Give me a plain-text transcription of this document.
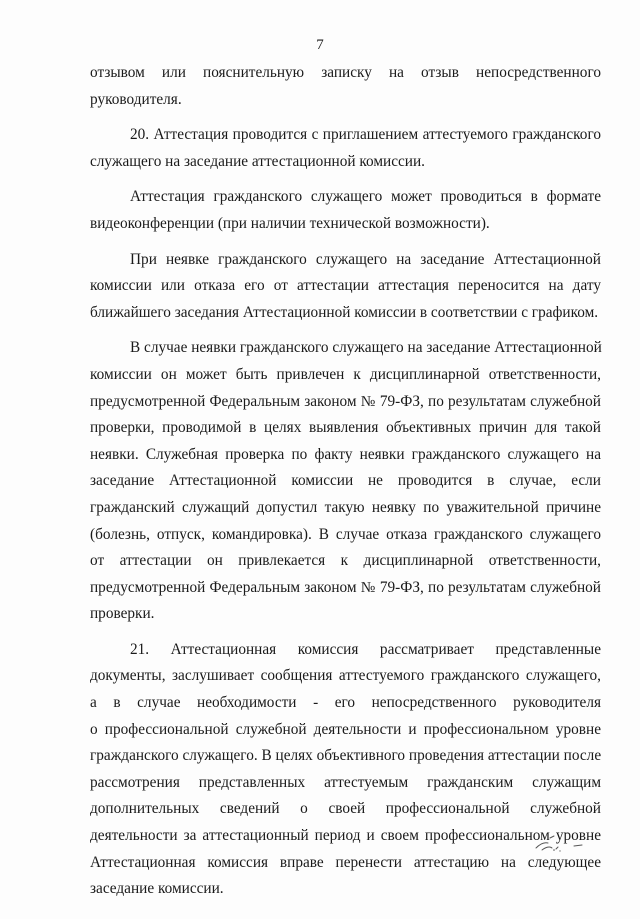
7

отзывом или пояснительную записку на отзыв непосредственного
руководителя.

20. Аттестация проводится с приглашением аттестуемого гражданского
служащего на заседание аттестационной комиссии.

Аттестация гражданского служащего может проводиться в формате
видеоконференции (при наличии технической возможности).

При неявке гражданского служащего на заседание Аттестационной
комиссии или отказа его от аттестации аттестация переносится на дату
ближайшего заседания Аттестационной комиссии в соответствии с графиком.

В случае неявки гражданского служащего на заседание Аттестационной
комиссии он может быть привлечен к дисциплинарной ответственности,
предусмотренной Федеральным законом № 79-ФЗ, по результатам служебной
проверки, проводимой в целях выявления объективных причин для такой
неявки. Служебная проверка по факту неявки гражданского служащего на
заседание Аттестационной комиссии не проводится в случае, если
гражданский служащий допустил такую неявку по уважительной причине
(болезнь, отпуск, командировка). В случае отказа гражданского служащего
от аттестации он привлекается к дисциплинарной ответственности,
предусмотренной Федеральным законом № 79-ФЗ, по результатам служебной
проверки.

21. Аттестационная комиссия рассматривает представленные
документы, заслушивает сообщения аттестуемого гражданского служащего,
а в случае необходимости - его непосредственного руководителя
о профессиональной служебной деятельности и профессиональном уровне
гражданского служащего. В целях объективного проведения аттестации после
рассмотрения представленных аттестуемым гражданским служащим
дополнительных сведений о своей профессиональной служебной
деятельности за аттестационный период и своем профессиональном уровне
Аттестационная комиссия вправе перенести аттестацию на следующее
заседание комиссии.
